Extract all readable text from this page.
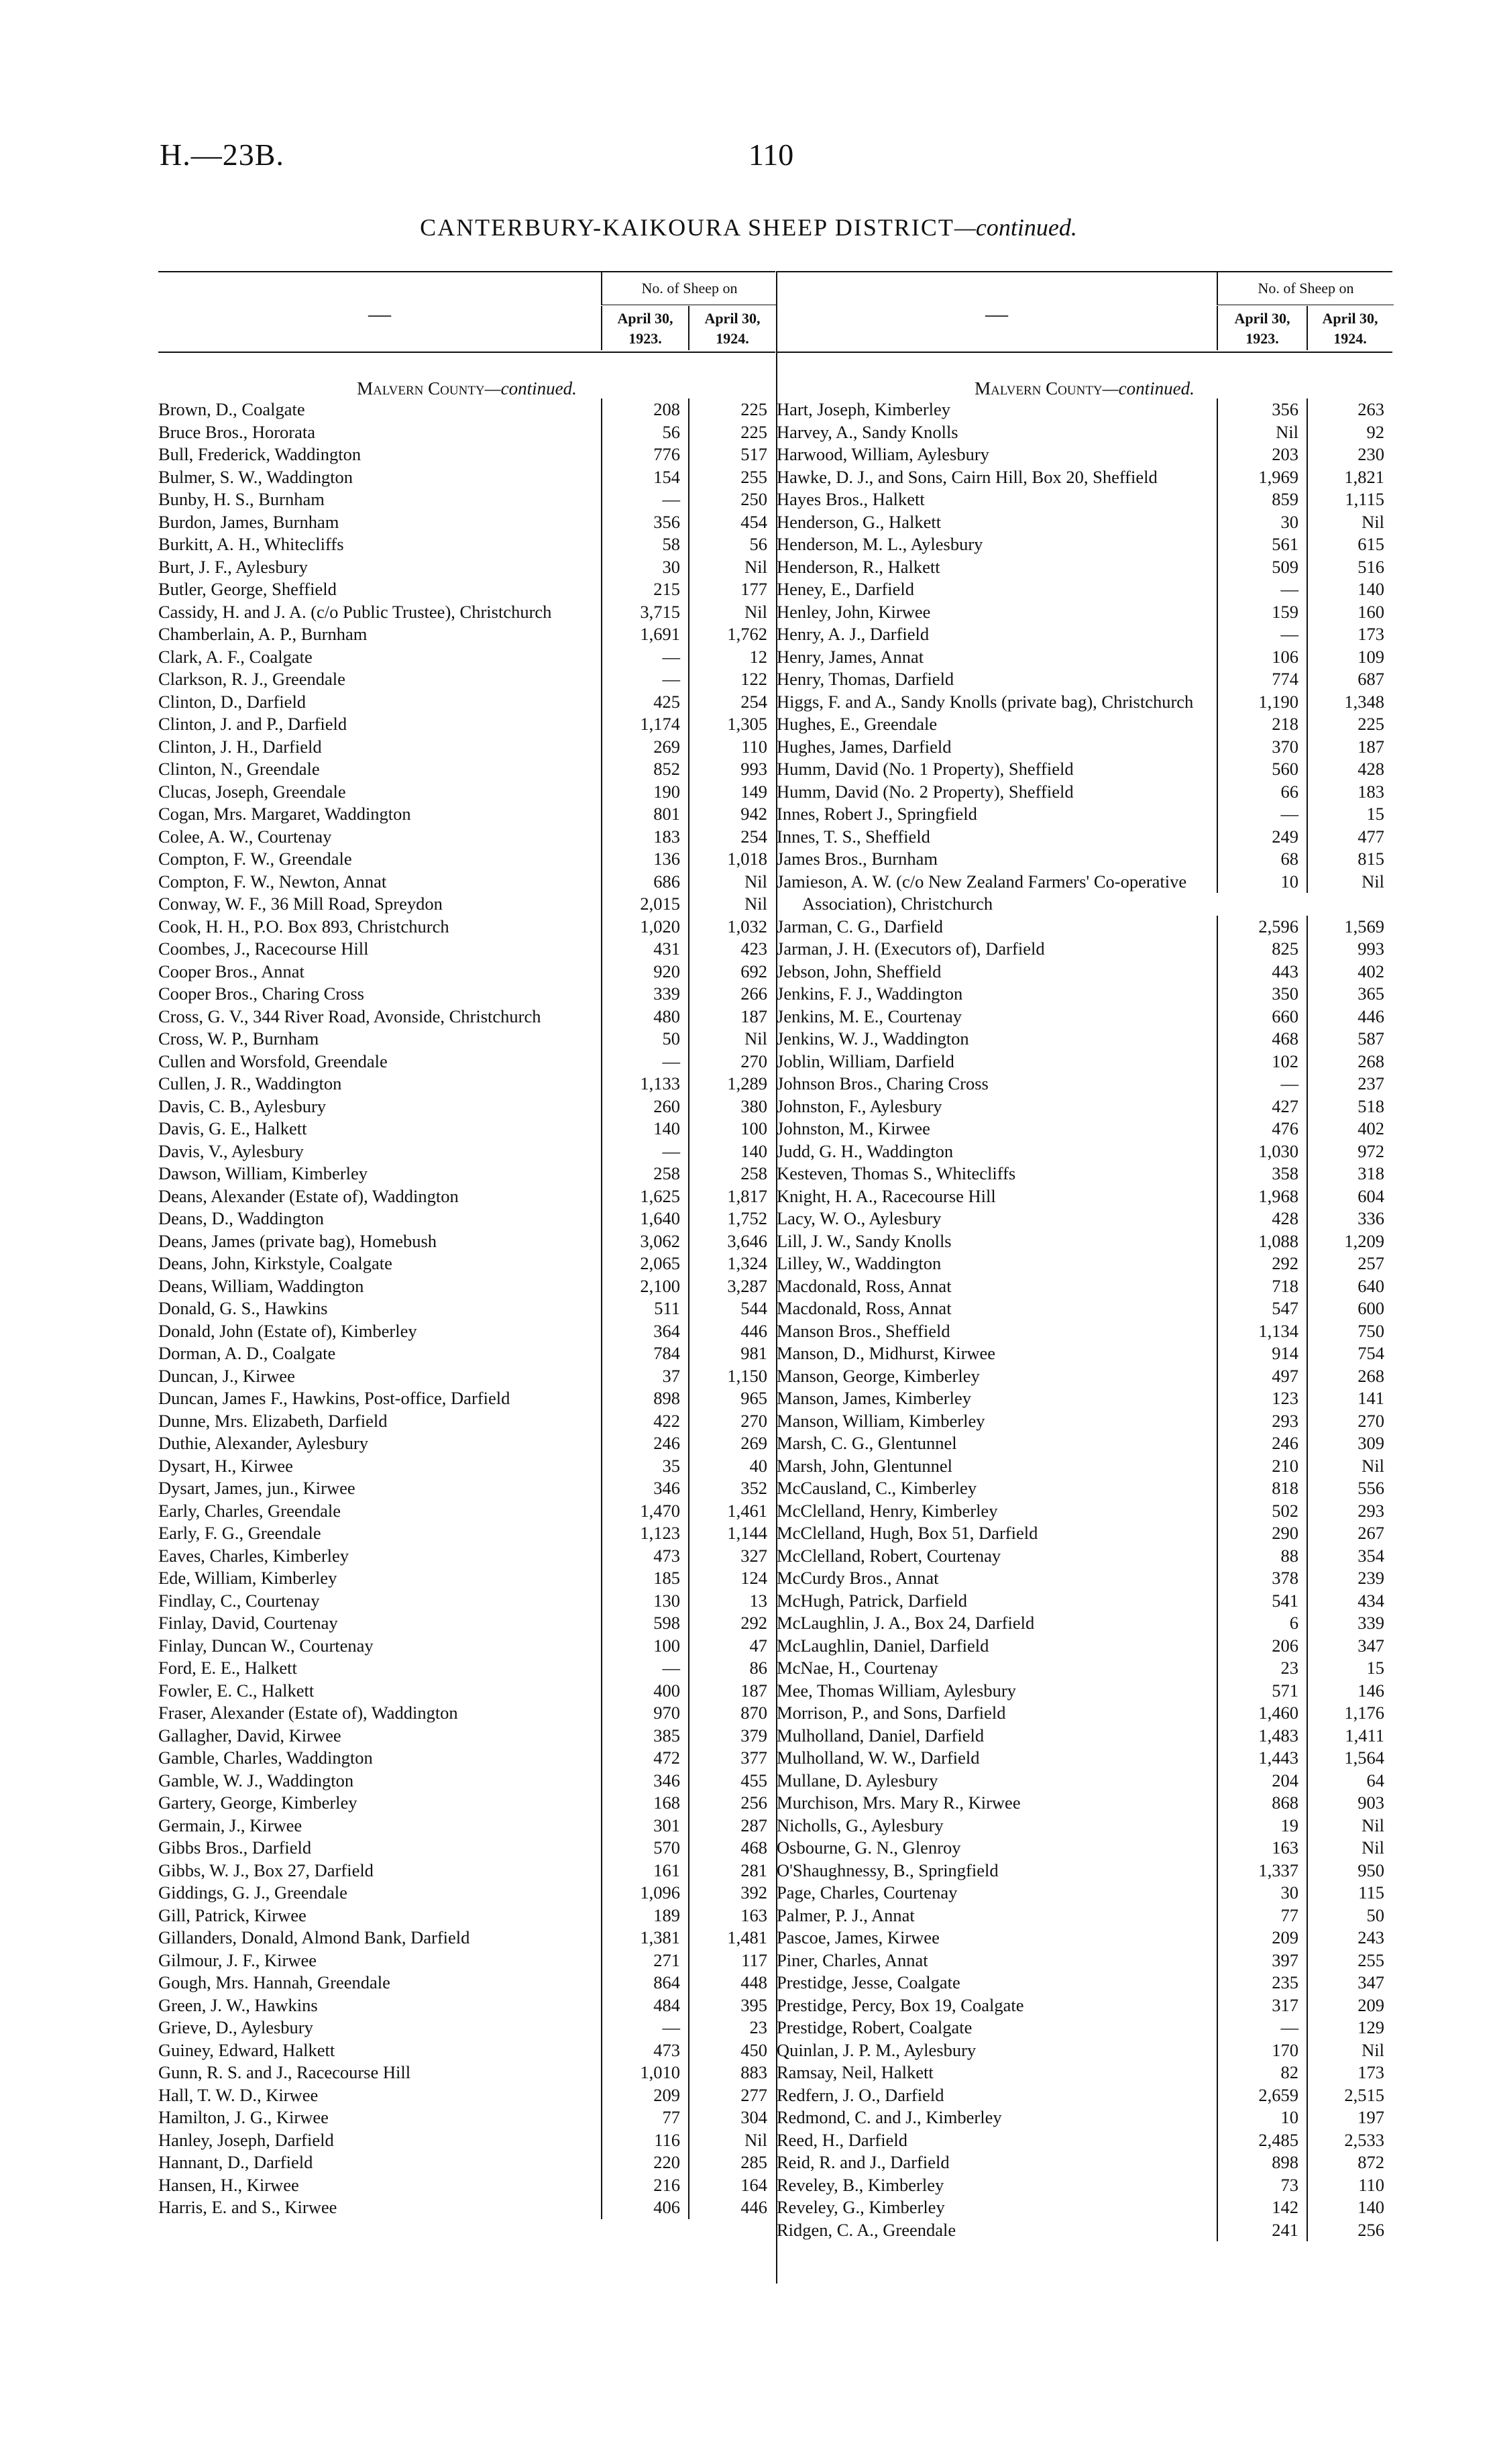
H.—23B.	110
CANTERBURY-KAIKOURA SHEEP DISTRICT—continued.
—
No. of Sheep on
April 30, 1923.
April 30, 1924.
Malvern County—continued.
Brown, D., Coalgate	208	225
Bruce Bros., Hororata	56	225
Bull, Frederick, Waddington	776	517
Bulmer, S. W., Waddington	154	255
Bunby, H. S., Burnham	—	250
Burdon, James, Burnham	356	454
Burkitt, A. H., Whitecliffs	58	56
Burt, J. F., Aylesbury	30	Nil
Butler, George, Sheffield	215	177
Cassidy, H. and J. A. (c/o Public Trustee), Christchurch	3,715	Nil
Chamberlain, A. P., Burnham	1,691	1,762
Clark, A. F., Coalgate	—	12
Clarkson, R. J., Greendale	—	122
Clinton, D., Darfield	425	254
Clinton, J. and P., Darfield	1,174	1,305
Clinton, J. H., Darfield	269	110
Clinton, N., Greendale	852	993
Clucas, Joseph, Greendale	190	149
Cogan, Mrs. Margaret, Waddington	801	942
Colee, A. W., Courtenay	183	254
Compton, F. W., Greendale	136	1,018
Compton, F. W., Newton, Annat	686	Nil
Conway, W. F., 36 Mill Road, Spreydon	2,015	Nil
Cook, H. H., P.O. Box 893, Christchurch	1,020	1,032
Coombes, J., Racecourse Hill	431	423
Cooper Bros., Annat	920	692
Cooper Bros., Charing Cross	339	266
Cross, G. V., 344 River Road, Avonside, Christchurch	480	187
Cross, W. P., Burnham	50	Nil
Cullen and Worsfold, Greendale	—	270
Cullen, J. R., Waddington	1,133	1,289
Davis, C. B., Aylesbury	260	380
Davis, G. E., Halkett	140	100
Davis, V., Aylesbury	—	140
Dawson, William, Kimberley	258	258
Deans, Alexander (Estate of), Waddington	1,625	1,817
Deans, D., Waddington	1,640	1,752
Deans, James (private bag), Homebush	3,062	3,646
Deans, John, Kirkstyle, Coalgate	2,065	1,324
Deans, William, Waddington	2,100	3,287
Donald, G. S., Hawkins	511	544
Donald, John (Estate of), Kimberley	364	446
Dorman, A. D., Coalgate	784	981
Duncan, J., Kirwee	37	1,150
Duncan, James F., Hawkins, Post-office, Darfield	898	965
Dunne, Mrs. Elizabeth, Darfield	422	270
Duthie, Alexander, Aylesbury	246	269
Dysart, H., Kirwee	35	40
Dysart, James, jun., Kirwee	346	352
Early, Charles, Greendale	1,470	1,461
Early, F. G., Greendale	1,123	1,144
Eaves, Charles, Kimberley	473	327
Ede, William, Kimberley	185	124
Findlay, C., Courtenay	130	13
Finlay, David, Courtenay	598	292
Finlay, Duncan W., Courtenay	100	47
Ford, E. E., Halkett	—	86
Fowler, E. C., Halkett	400	187
Fraser, Alexander (Estate of), Waddington	970	870
Gallagher, David, Kirwee	385	379
Gamble, Charles, Waddington	472	377
Gamble, W. J., Waddington	346	455
Gartery, George, Kimberley	168	256
Germain, J., Kirwee	301	287
Gibbs Bros., Darfield	570	468
Gibbs, W. J., Box 27, Darfield	161	281
Giddings, G. J., Greendale	1,096	392
Gill, Patrick, Kirwee	189	163
Gillanders, Donald, Almond Bank, Darfield	1,381	1,481
Gilmour, J. F., Kirwee	271	117
Gough, Mrs. Hannah, Greendale	864	448
Green, J. W., Hawkins	484	395
Grieve, D., Aylesbury	—	23
Guiney, Edward, Halkett	473	450
Gunn, R. S. and J., Racecourse Hill	1,010	883
Hall, T. W. D., Kirwee	209	277
Hamilton, J. G., Kirwee	77	304
Hanley, Joseph, Darfield	116	Nil
Hannant, D., Darfield	220	285
Hansen, H., Kirwee	216	164
Harris, E. and S., Kirwee	406	446
—
No. of Sheep on
April 30, 1923.
April 30, 1924.
Malvern County—continued.
Hart, Joseph, Kimberley	356	263
Harvey, A., Sandy Knolls	Nil	92
Harwood, William, Aylesbury	203	230
Hawke, D. J., and Sons, Cairn Hill, Box 20, Sheffield	1,969	1,821
Hayes Bros., Halkett	859	1,115
Henderson, G., Halkett	30	Nil
Henderson, M. L., Aylesbury	561	615
Henderson, R., Halkett	509	516
Heney, E., Darfield	—	140
Henley, John, Kirwee	159	160
Henry, A. J., Darfield	—	173
Henry, James, Annat	106	109
Henry, Thomas, Darfield	774	687
Higgs, F. and A., Sandy Knolls (private bag), Christchurch	1,190	1,348
Hughes, E., Greendale	218	225
Hughes, James, Darfield	370	187
Humm, David (No. 1 Property), Sheffield	560	428
Humm, David (No. 2 Property), Sheffield	66	183
Innes, Robert J., Springfield	—	15
Innes, T. S., Sheffield	249	477
James Bros., Burnham	68	815
Jamieson, A. W. (c/o New Zealand Farmers' Co-operative Association), Christchurch
10	Nil
Jarman, C. G., Darfield	2,596	1,569
Jarman, J. H. (Executors of), Darfield	825	993
Jebson, John, Sheffield	443	402
Jenkins, F. J., Waddington	350	365
Jenkins, M. E., Courtenay	660	446
Jenkins, W. J., Waddington	468	587
Joblin, William, Darfield	102	268
Johnson Bros., Charing Cross	—	237
Johnston, F., Aylesbury	427	518
Johnston, M., Kirwee	476	402
Judd, G. H., Waddington	1,030	972
Kesteven, Thomas S., Whitecliffs	358	318
Knight, H. A., Racecourse Hill	1,968	604
Lacy, W. O., Aylesbury	428	336
Lill, J. W., Sandy Knolls	1,088	1,209
Lilley, W., Waddington	292	257
Macdonald, Ross, Annat	718	640
Macdonald, Ross, Annat	547	600
Manson Bros., Sheffield	1,134	750
Manson, D., Midhurst, Kirwee	914	754
Manson, George, Kimberley	497	268
Manson, James, Kimberley	123	141
Manson, William, Kimberley	293	270
Marsh, C. G., Glentunnel	246	309
Marsh, John, Glentunnel	210	Nil
McCausland, C., Kimberley	818	556
McClelland, Henry, Kimberley	502	293
McClelland, Hugh, Box 51, Darfield	290	267
McClelland, Robert, Courtenay	88	354
McCurdy Bros., Annat	378	239
McHugh, Patrick, Darfield	541	434
McLaughlin, J. A., Box 24, Darfield	6	339
McLaughlin, Daniel, Darfield	206	347
McNae, H., Courtenay	23	15
Mee, Thomas William, Aylesbury	571	146
Morrison, P., and Sons, Darfield	1,460	1,176
Mulholland, Daniel, Darfield	1,483	1,411
Mulholland, W. W., Darfield	1,443	1,564
Mullane, D. Aylesbury	204	64
Murchison, Mrs. Mary R., Kirwee	868	903
Nicholls, G., Aylesbury	19	Nil
Osbourne, G. N., Glenroy	163	Nil
O'Shaughnessy, B., Springfield	1,337	950
Page, Charles, Courtenay	30	115
Palmer, P. J., Annat	77	50
Pascoe, James, Kirwee	209	243
Piner, Charles, Annat	397	255
Prestidge, Jesse, Coalgate	235	347
Prestidge, Percy, Box 19, Coalgate	317	209
Prestidge, Robert, Coalgate	—	129
Quinlan, J. P. M., Aylesbury	170	Nil
Ramsay, Neil, Halkett	82	173
Redfern, J. O., Darfield	2,659	2,515
Redmond, C. and J., Kimberley	10	197
Reed, H., Darfield	2,485	2,533
Reid, R. and J., Darfield	898	872
Reveley, B., Kimberley	73	110
Reveley, G., Kimberley	142	140
Ridgen, C. A., Greendale	241	256
